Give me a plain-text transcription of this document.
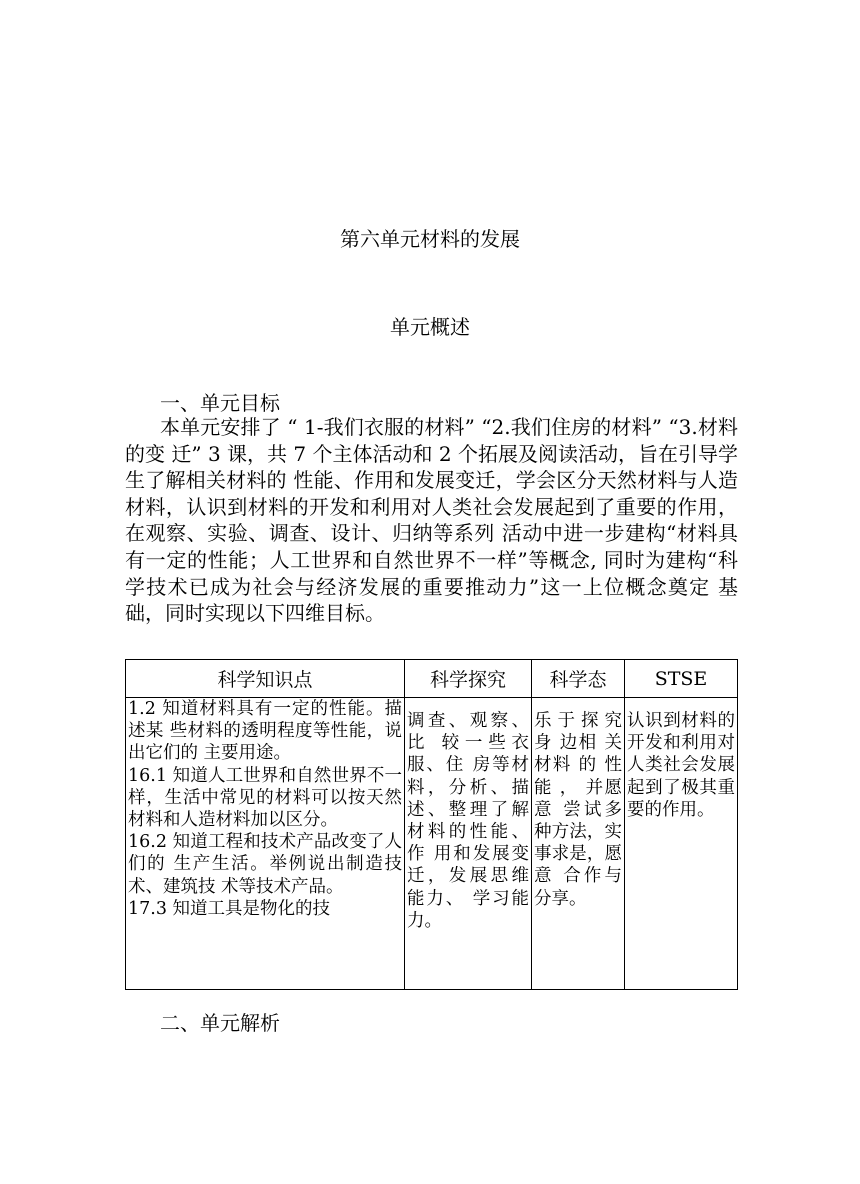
第六单元材料的发展
单元概述
一、单元目标

本单元安排了 “ 1-我们衣服的材料” “2.我们住房的材料” “3.材料的变 迁” 3 课，共 7 个主体活动和 2 个拓展及阅读活动，旨在引导学生了解相关材料的 性能、作用和发展变迁，学会区分天然材料与人造材料，认识到材料的开发和利用对人类社会发展起到了重要的作用，在观察、实验、调查、设计、归纳等系列 活动中进一步建构“材料具有一定的性能；人工世界和自然世界不一样”等概念, 同时为建构“科学技术已成为社会与经济发展的重要推动力”这一上位概念奠定 基础，同时实现以下四维目标。

科学知识点	科学探究	科学态	STSE

1.2 知道材料具有一定的性能。描述某 些材料的透明程度等性能，说出它们的 主要用途。
16.1 知道人工世界和自然世界不一样，生活中常见的材料可以按天然材料和人造材料加以区分。
16.2 知道工程和技术产品改变了人们的 生产生活。举例说出制造技术、建筑技 术等技术产品。
17.3 知道工具是物化的技	调查、观察、比 较一些衣服、住 房等材料，分析、描述、整理了解 材料的性能、作 用和发展变迁，发展思维能力、 学习能力。	乐 于 探 究身 边相 关 材料 的 性能 ， 并愿 意 尝试多 种方法，实事求是，愿 意 合作与 分享。	认识到材料的 开发和利用对人类社会发展 起到了极其重要的作用。
二、单元解析
